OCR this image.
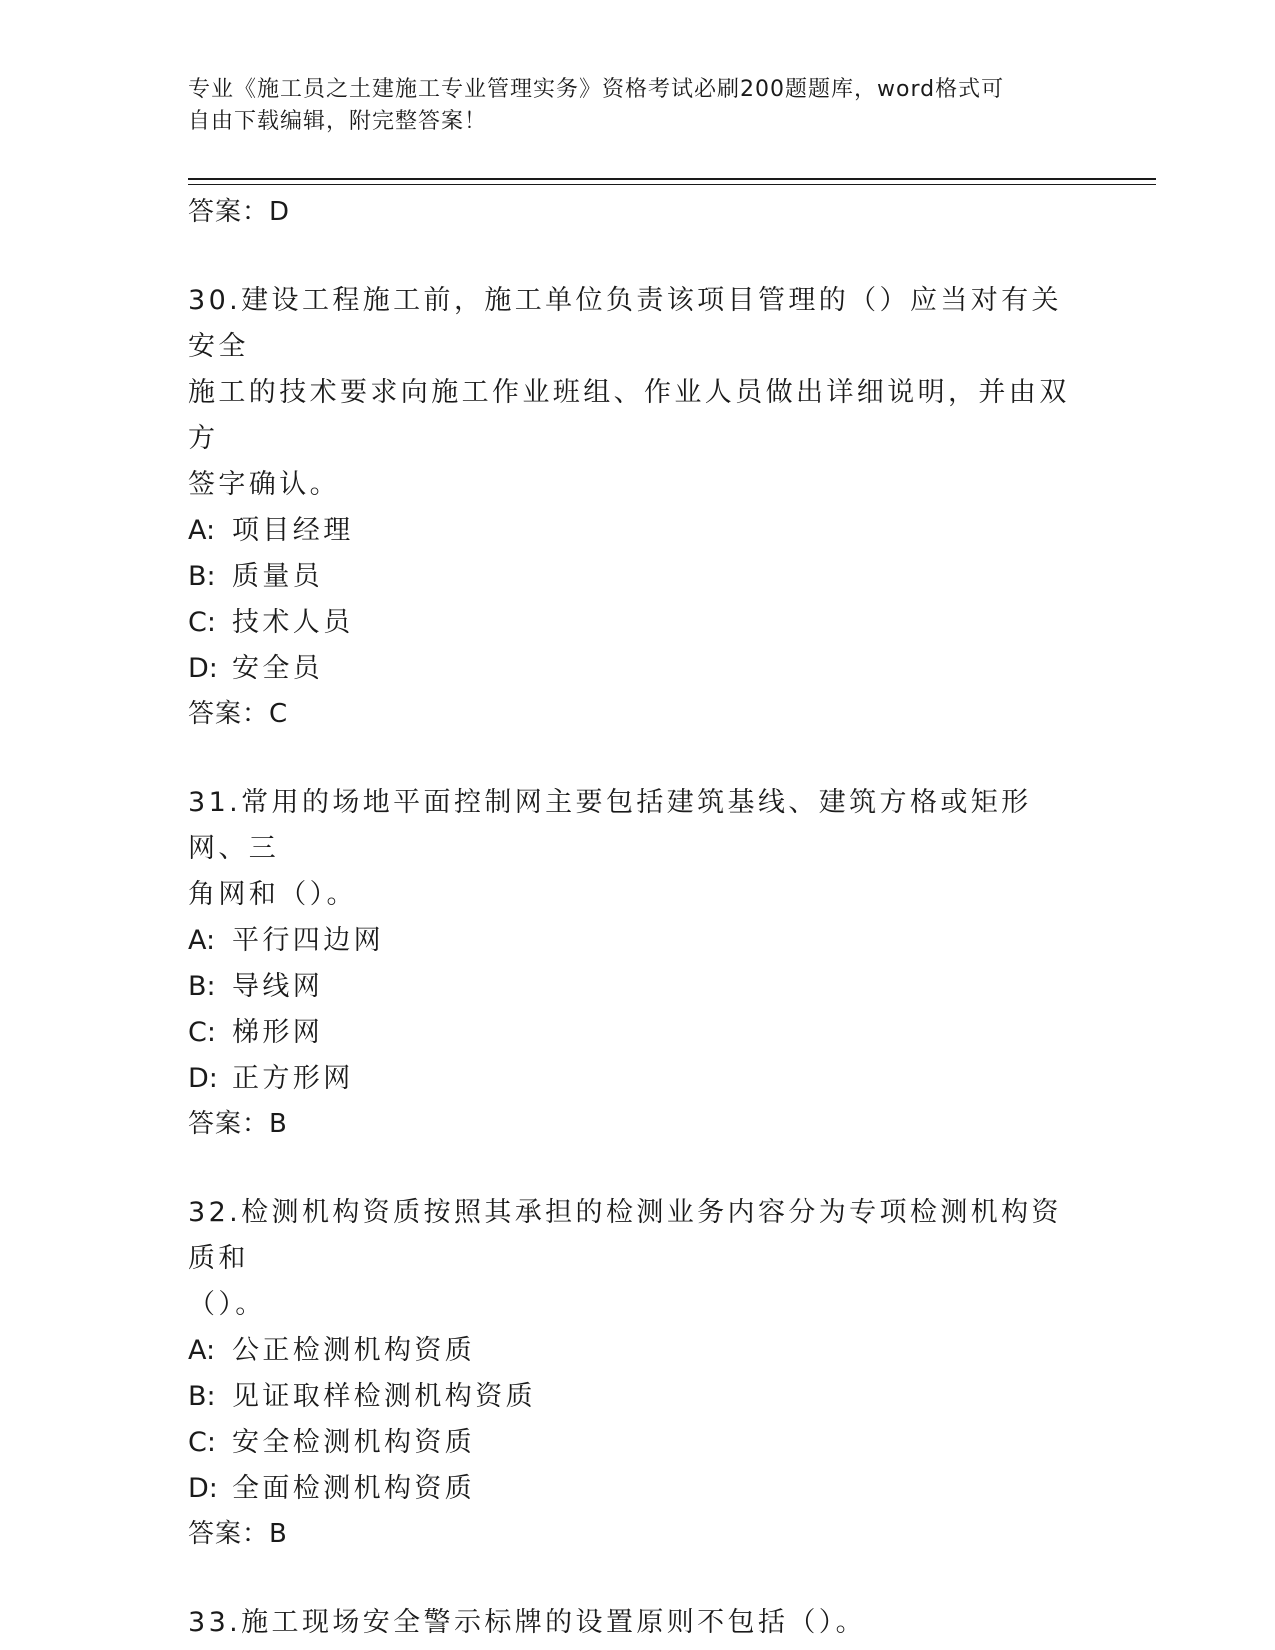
专业《施工员之土建施工专业管理实务》资格考试必刷200题题库，word格式可
自由下载编辑，附完整答案！
答案：D
30.建设工程施工前，施工单位负责该项目管理的（）应当对有关安全
施工的技术要求向施工作业班组、作业人员做出详细说明，并由双方
签字确认。
A: 项目经理
B: 质量员
C: 技术人员
D: 安全员
答案：C
31.常用的场地平面控制网主要包括建筑基线、建筑方格或矩形网、三
角网和（）。
A: 平行四边网
B: 导线网
C: 梯形网
D: 正方形网
答案：B
32.检测机构资质按照其承担的检测业务内容分为专项检测机构资质和
（）。
A: 公正检测机构资质
B: 见证取样检测机构资质
C: 安全检测机构资质
D: 全面检测机构资质
答案：B
33.施工现场安全警示标牌的设置原则不包括（）。
